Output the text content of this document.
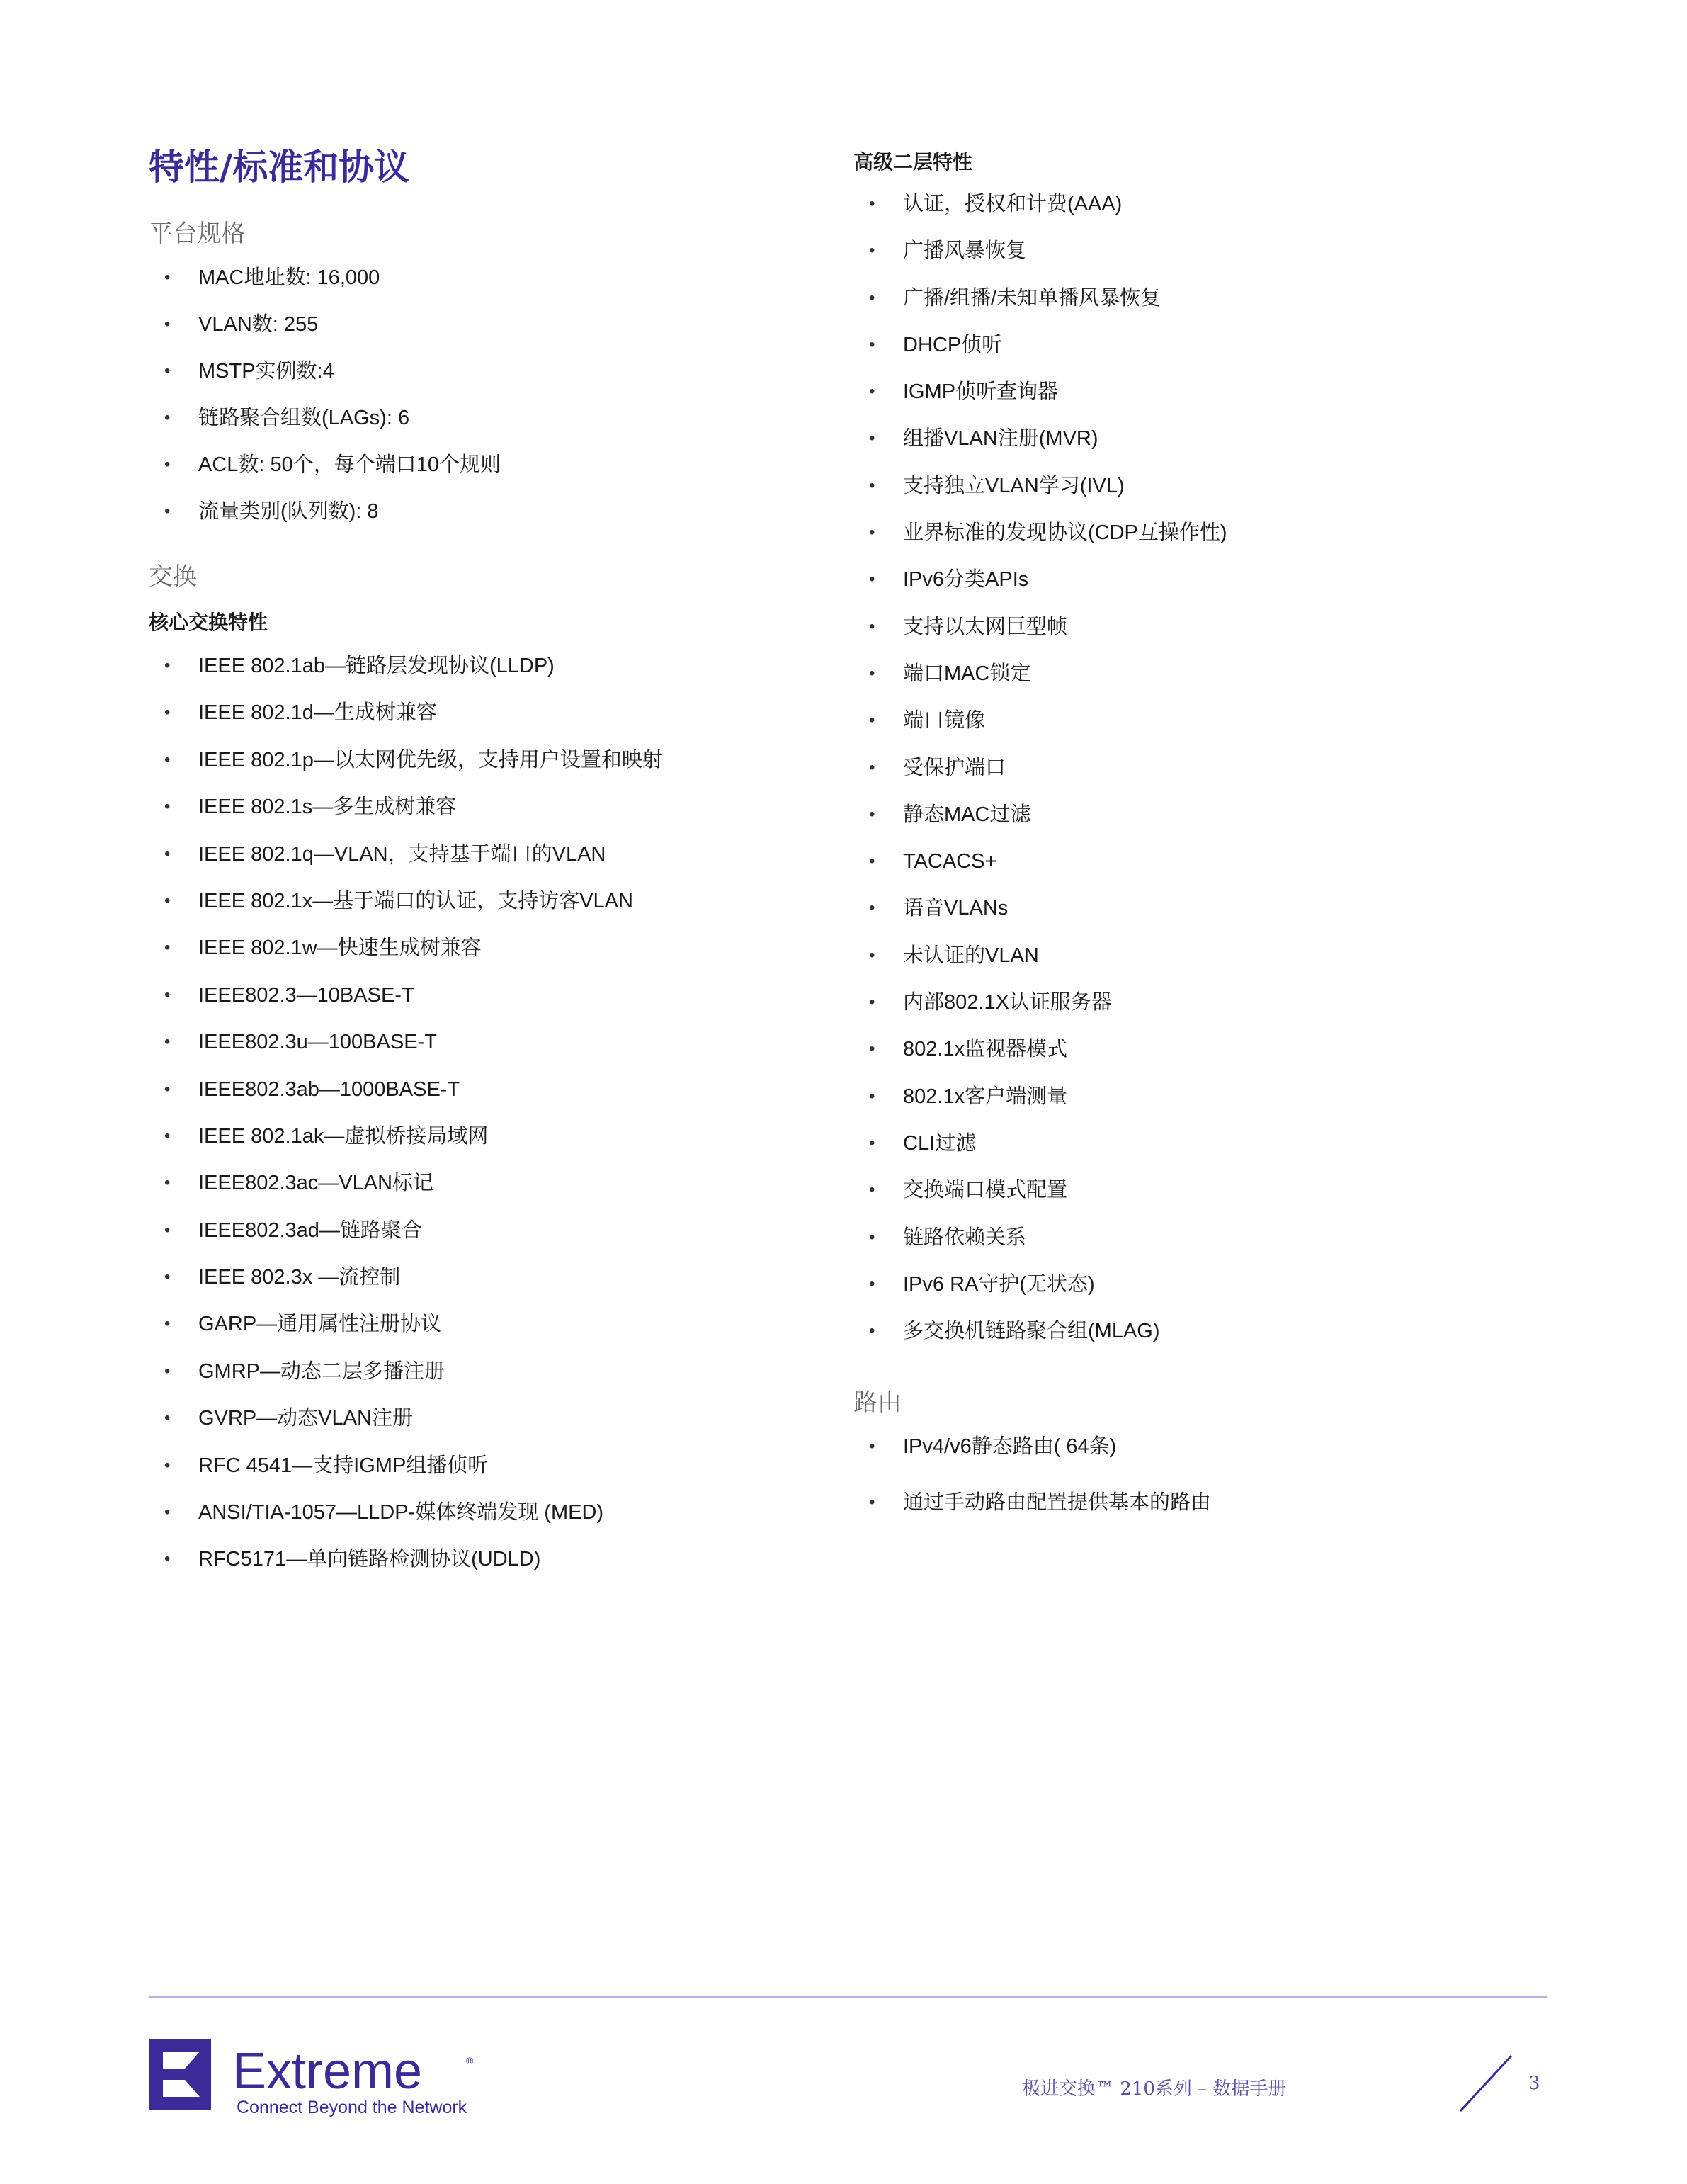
特性/标准和协议
平台规格
• MAC地址数: 16,000
• VLAN数: 255
• MSTP实例数:4
• 链路聚合组数(LAGs): 6
• ACL数: 50个，每个端口10个规则
• 流量类别(队列数): 8
交换
核心交换特性
• IEEE 802.1ab—链路层发现协议(LLDP)
• IEEE 802.1d—生成树兼容
• IEEE 802.1p—以太网优先级，支持用户设置和映射
• IEEE 802.1s—多生成树兼容
• IEEE 802.1q—VLAN，支持基于端口的VLAN
• IEEE 802.1x—基于端口的认证，支持访客VLAN
• IEEE 802.1w—快速生成树兼容
• IEEE802.3—10BASE-T
• IEEE802.3u—100BASE-T
• IEEE802.3ab—1000BASE-T
• IEEE 802.1ak—虚拟桥接局域网
• IEEE802.3ac—VLAN标记
• IEEE802.3ad—链路聚合
• IEEE 802.3x —流控制
• GARP—通用属性注册协议
• GMRP—动态二层多播注册
• GVRP—动态VLAN注册
• RFC 4541—支持IGMP组播侦听
• ANSI/TIA-1057—LLDP-媒体终端发现 (MED)
• RFC5171—单向链路检测协议(UDLD)
高级二层特性
• 认证，授权和计费(AAA)
• 广播风暴恢复
• 广播/组播/未知单播风暴恢复
• DHCP侦听
• IGMP侦听查询器
• 组播VLAN注册(MVR)
• 支持独立VLAN学习(IVL)
• 业界标准的发现协议(CDP互操作性)
• IPv6分类APIs
• 支持以太网巨型帧
• 端口MAC锁定
• 端口镜像
• 受保护端口
• 静态MAC过滤
• TACACS+
• 语音VLANs
• 未认证的VLAN
• 内部802.1X认证服务器
• 802.1x监视器模式
• 802.1x客户端测量
• CLI过滤
• 交换端口模式配置
• 链路依赖关系
• IPv6 RA守护(无状态)
• 多交换机链路聚合组(MLAG)
路由
• IPv4/v6静态路由( 64条)
• 通过手动路由配置提供基本的路由
Extreme	®
Connect Beyond the Network
极进交换™ 210系列 – 数据手册	3
